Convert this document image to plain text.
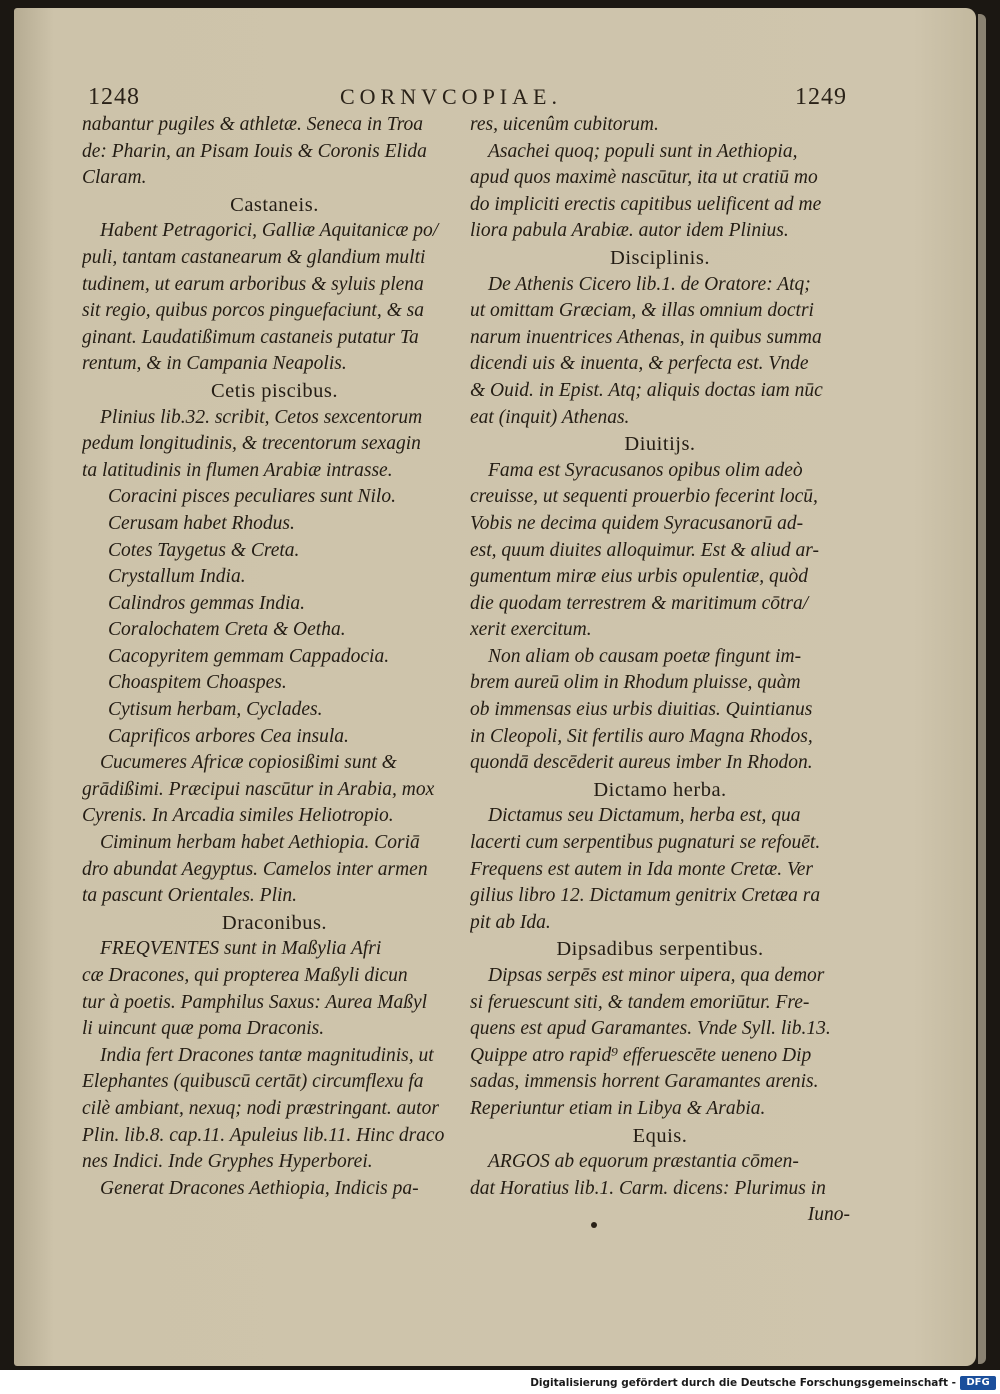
1248	CORNVCOPIAE.	1249
nabantur pugiles & athletæ. Seneca in Troa
de: Pharin, an Pisam Iouis & Coronis Elida
Claram.
Castaneis.
Habent Petragorici, Galliæ Aquitanicæ po/
puli, tantam castanearum & glandium multi
tudinem, ut earum arboribus & syluis plena
sit regio, quibus porcos pinguefaciunt, & sa
ginant. Laudatißimum castaneis putatur Ta
rentum, & in Campania Neapolis.
Cetis piscibus.
Plinius lib.32. scribit, Cetos sexcentorum
pedum longitudinis, & trecentorum sexagin
ta latitudinis in flumen Arabiæ intrasse.
Coracini pisces peculiares sunt Nilo.
Cerusam habet Rhodus.
Cotes Taygetus & Creta.
Crystallum India.
Calindros gemmas India.
Coralochatem Creta & Oetha.
Cacopyritem gemmam Cappadocia.
Choaspitem Choaspes.
Cytisum herbam, Cyclades.
Caprificos arbores Cea insula.
Cucumeres Africæ copiosißimi sunt &
grādißimi. Præcipui nascūtur in Arabia, mox
Cyrenis. In Arcadia similes Heliotropio.
Ciminum herbam habet Aethiopia. Coriā
dro abundat Aegyptus. Camelos inter armen
ta pascunt Orientales. Plin.
Draconibus.
FREQVENTES sunt in Maßylia Afri
cæ Dracones, qui propterea Maßyli dicun
tur à poetis. Pamphilus Saxus: Aurea Maßyl
li uincunt quæ poma Draconis.
India fert Dracones tantæ magnitudinis, ut
Elephantes (quibuscū certāt) circumflexu fa
cilè ambiant, nexuq; nodi præstringant. autor
Plin. lib.8. cap.11. Apuleius lib.11. Hinc draco
nes Indici. Inde Gryphes Hyperborei.
Generat Dracones Aethiopia, Indicis pa-
res, uicenûm cubitorum.
Asachei quoq; populi sunt in Aethiopia,
apud quos maximè nascūtur, ita ut cratiū mo
do impliciti erectis capitibus uelificent ad me
liora pabula Arabiæ. autor idem Plinius.
Disciplinis.
De Athenis Cicero lib.1. de Oratore: Atq;
ut omittam Græciam, & illas omnium doctri
narum inuentrices Athenas, in quibus summa
dicendi uis & inuenta, & perfecta est. Vnde
& Ouid. in Epist. Atq; aliquis doctas iam nūc
eat (inquit) Athenas.
Diuitijs.
Fama est Syracusanos opibus olim adeò
creuisse, ut sequenti prouerbio fecerint locū,
Vobis ne decima quidem Syracusanorū ad-
est, quum diuites alloquimur. Est & aliud ar-
gumentum miræ eius urbis opulentiæ, quòd
die quodam terrestrem & maritimum cōtra/
xerit exercitum.
Non aliam ob causam poetæ fingunt im-
brem aureū olim in Rhodum pluisse, quàm
ob immensas eius urbis diuitias. Quintianus
in Cleopoli, Sit fertilis auro Magna Rhodos,
quondā descēderit aureus imber In Rhodon.
Dictamo herba.
Dictamus seu Dictamum, herba est, qua
lacerti cum serpentibus pugnaturi se refouēt.
Frequens est autem in Ida monte Cretæ. Ver
gilius libro 12. Dictamum genitrix Cretæa ra
pit ab Ida.
Dipsadibus serpentibus.
Dipsas serpēs est minor uipera, qua demor
si feruescunt siti, & tandem emoriūtur. Fre-
quens est apud Garamantes. Vnde Syll. lib.13.
Quippe atro rapid⁹ efferuescēte ueneno Dip
sadas, immensis horrent Garamantes arenis.
Reperiuntur etiam in Libya & Arabia.
Equis.
ARGOS ab equorum præstantia cōmen-
dat Horatius lib.1. Carm. dicens: Plurimus in
Iuno-
Digitalisierung gefördert durch die Deutsche Forschungsgemeinschaft -	DFG
